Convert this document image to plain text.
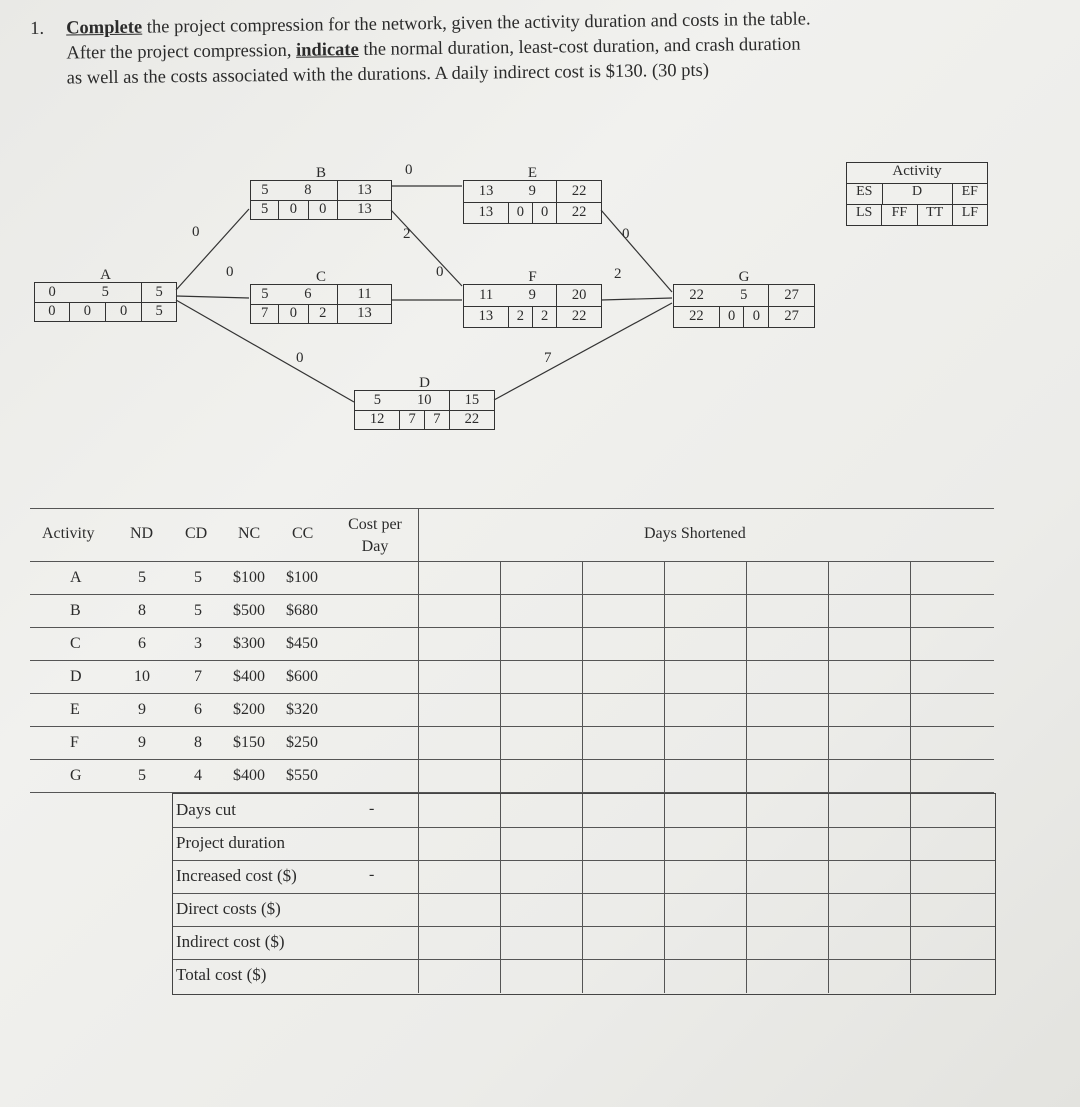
1. Complete the project compression for the network, given the activity duration and costs in the table.
After the project compression, indicate the normal duration, least-cost duration, and crash duration
as well as the costs associated with the durations. A daily indirect cost is $130. (30 pts)
0
0
0
0
2
0
0
2
7
A
0	5		5
0	0	0	5
B
5	8		13
5	0	0	13
C
5	6		11
7	0	2	13
D
5	10		15
12	7	7	22
E
13	9		22
13	0	0	22
F
11	9		20
13	2	2	22
G
22	5		27
22	0	0	27
Activity
ES	D	EF
LS	FF	TT	LF
Activity ND CD NC CC
Cost per
Day
Days Shortened
A	5	5 $100 $100
B	8	5 $500 $680
C	6	3 $300 $450
D	10	7 $400 $600
E	9	6 $200 $320
F	9	8 $150 $250
G	5	4 $400 $550
Days cut	-
Project duration
Increased cost ($)	-
Direct costs ($)
Indirect cost ($)
Total cost ($)
